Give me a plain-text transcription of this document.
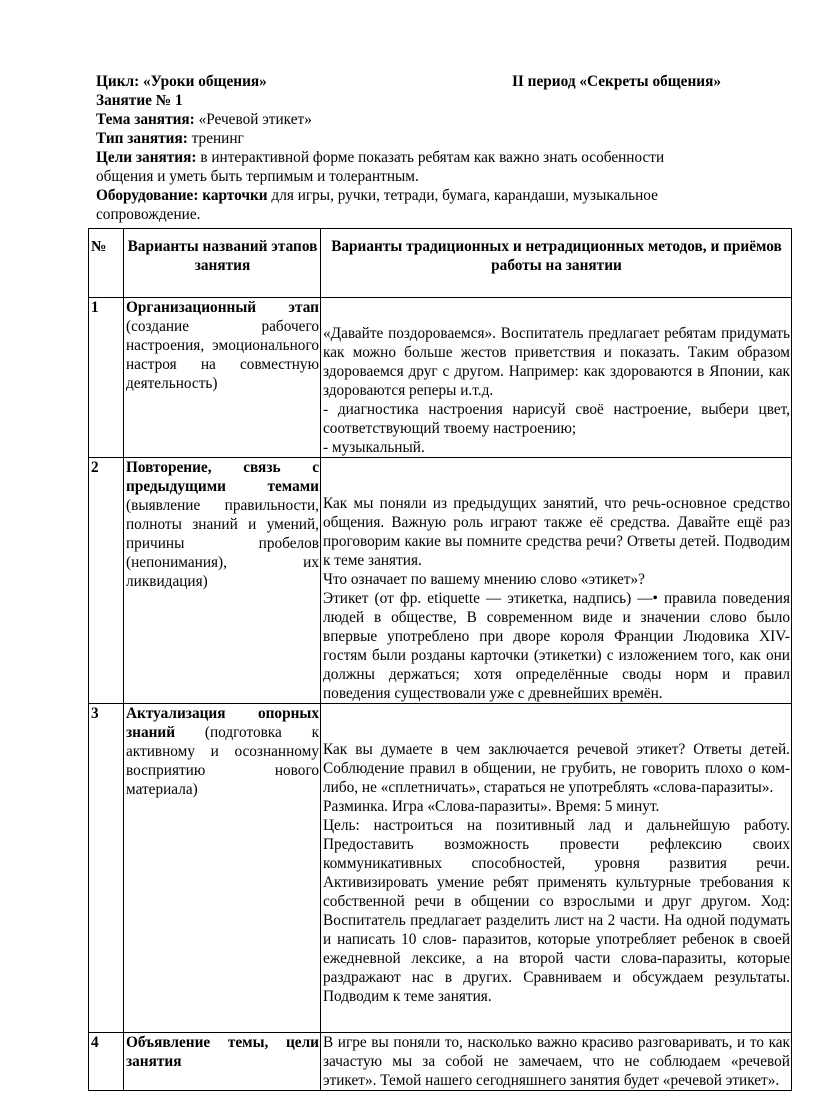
Цикл: «Уроки общения»	II период «Секреты общения»

Занятие № 1

Тема занятия: «Речевой этикет»

Тип занятия: тренинг

Цели занятия: в интерактивной форме показать ребятам как важно знать особенности общения и уметь быть терпимым и толерантным.

Оборудование: карточки для игры, ручки, тетради, бумага, карандаши, музыкальное сопровождение.

№	Варианты названий этапов занятия	Варианты традиционных и нетрадиционных методов, и приёмов работы на занятии
1	Организационный этап (создание рабочего настроения, эмоционального настроя на совместную деятельность)	«Давайте поздороваемся». Воспитатель предлагает ребятам придумать как можно больше жестов приветствия и показать. Таким образом здороваемся друг с другом. Например: как здороваются в Японии, как здороваются реперы и.т.д.

- диагностика настроения нарисуй своё настроение, выбери цвет, соответствующий твоему настроению;

- музыкальный.

2	Повторение, связь с предыдущими темами (выявление правильности, полноты знаний и умений, причины пробелов (непонимания), их ликвидация)	Как мы поняли из предыдущих занятий, что речь-основное средство общения. Важную роль играют также её средства. Давайте ещё раз проговорим какие вы помните средства речи? Ответы детей. Подводим к теме занятия.

Что означает по вашему мнению слово «этикет»?

Этикет (от фр. etiquette — этикетка, надпись) —• правила поведения людей в обществе, В современном виде и значении слово было впервые употреблено при дворе короля Франции Людовика XIV- гостям были розданы карточки (этикетки) с изложением того, как они должны держаться; хотя определённые своды норм и правил поведения существовали уже с древнейших времён.

3	Актуализация опорных знаний (подготовка к активному и осознанному восприятию нового материала)	Как вы думаете в чем заключается речевой этикет? Ответы детей. Соблюдение правил в общении, не грубить, не говорить плохо о ком-либо, не «сплетничать», стараться не употреблять «слова-паразиты».

Разминка. Игра «Слова-паразиты». Время: 5 минут.

Цель: настроиться на позитивный лад и дальнейшую работу. Предоставить возможность провести рефлексию своих коммуникативных способностей, уровня развития речи. Активизировать умение ребят применять культурные требования к собственной речи в общении со взрослыми и друг другом. Ход: Воспитатель предлагает разделить лист на 2 части. На одной подумать и написать 10 слов- паразитов, которые употребляет ребенок в своей ежедневной лексике, а на второй части слова-паразиты, которые раздражают нас в других. Сравниваем и обсуждаем результаты. Подводим к теме занятия.

4	Объявление темы, цели занятия	В игре вы поняли то, насколько важно красиво разговаривать, и то как зачастую мы за собой не замечаем, что не соблюдаем «речевой этикет». Темой нашего сегодняшнего занятия будет «речевой этикет».
